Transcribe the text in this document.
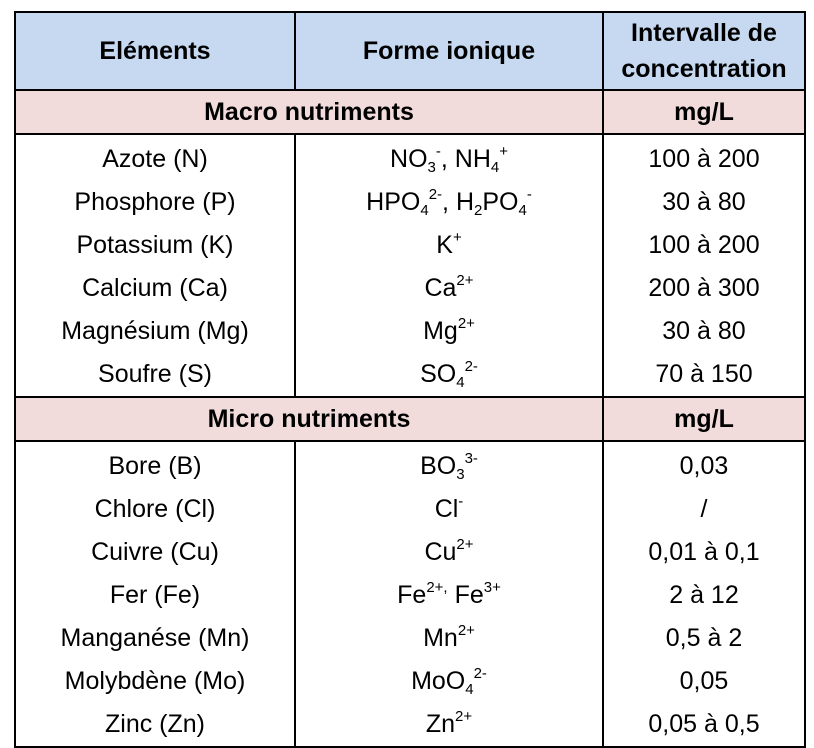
Eléments	Forme ionique	Intervalle de
concentration
Macro nutriments		mg/L
Azote (N)	$NO_3^-$, $NH_4^+$	100 à 200
Phosphore (P)	$HPO_4^{2-}$, $H_2PO_4^-$	30 à 80
Potassium (K)	K+	100 à 200
Calcium (Ca)	$Ca^{2+}$	200 à 300
Magnésium (Mg)	$Mg^{2+}$	30 à 80
Soufre (S)	$SO_4^{2-}$	70 à 150
Micro nutriments		mg/L
Bore (B)	$BO_3^{3-}$	0,03
Chlore (Cl)	Cl-	/
Cuivre (Cu)	$Cu^{2+}$	0,01 à 0,1
Fer (Fe)	$Fe^{2+,}$ $Fe^{3+}$	2 à 12
Manganése (Mn)	$Mn^{2+}$	0,5 à 2
Molybdène (Mo)	MoO$_4^{2-}$	0,05
Zinc (Zn)	$Zn^{2+}$	0,05 à 0,5
